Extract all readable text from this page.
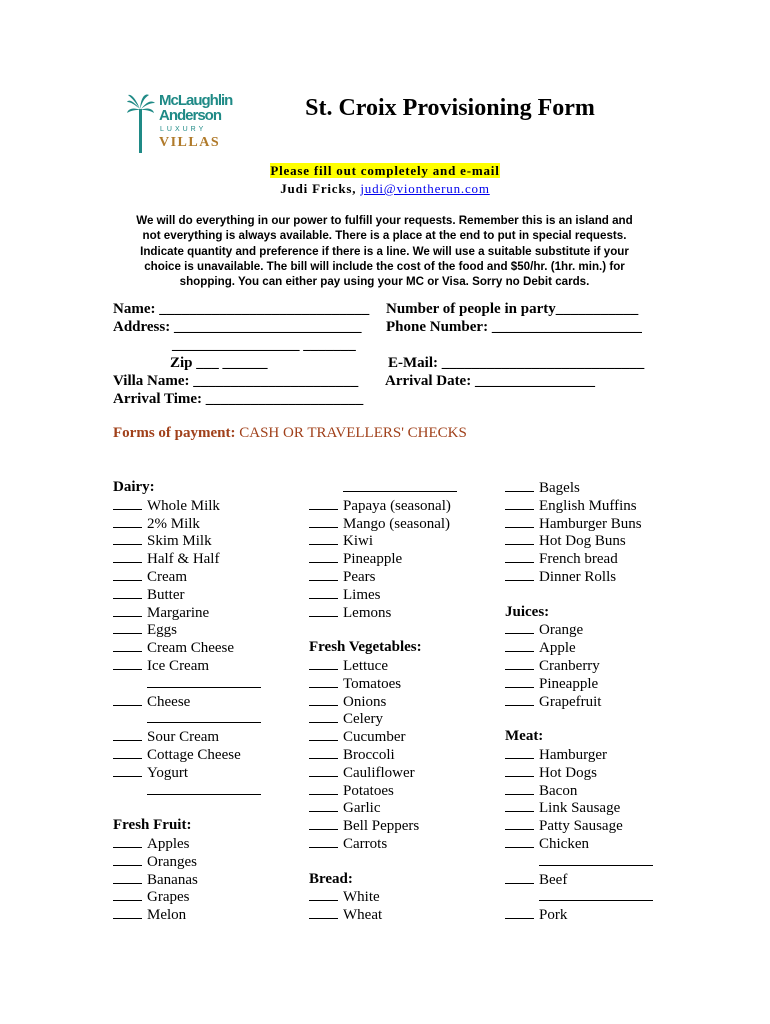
McLaughlin
Anderson
LUXURY
VILLAS
St. Croix Provisioning Form
Please fill out completely and e-mail
Judi Fricks, judi@viontherun.com

We will do everything in our power to fulfill your requests. Remember this is an island and

not everything is always available. There is a place at the end to put in special requests.

Indicate quantity and preference if there is a line. We will use a suitable substitute if your

choice is unavailable. The bill will include the cost of the food and $50/hr. (1hr. min.) for

shopping. You can either pay using your MC or Visa. Sorry no Debit cards.

Name: ____________________________
Address: _________________________
_________________ _______
Zip ___ ______
Villa Name: ______________________
Arrival Time: _____________________
Number of people in party___________
Phone Number: ____________________
E-Mail: ___________________________
Arrival Date: ________________
Forms of payment: CASH OR TRAVELLERS' CHECKS
Dairy:
Whole Milk
2% Milk
Skim Milk
Half & Half
Cream
Butter
Margarine
Eggs
Cream Cheese
Ice Cream
Cheese
Sour Cream
Cottage Cheese
Yogurt
Fresh Fruit:
Apples
Oranges
Bananas
Grapes
Melon
Papaya (seasonal)
Mango (seasonal)
Kiwi
Pineapple
Pears
Limes
Lemons
Fresh Vegetables:
Lettuce
Tomatoes
Onions
Celery
Cucumber
Broccoli
Cauliflower
Potatoes
Garlic
Bell Peppers
Carrots
Bread:
White
Wheat
Bagels
English Muffins
Hamburger Buns
Hot Dog Buns
French bread
Dinner Rolls
Juices:
Orange
Apple
Cranberry
Pineapple
Grapefruit
Meat:
Hamburger
Hot Dogs
Bacon
Link Sausage
Patty Sausage
Chicken
Beef
Pork
